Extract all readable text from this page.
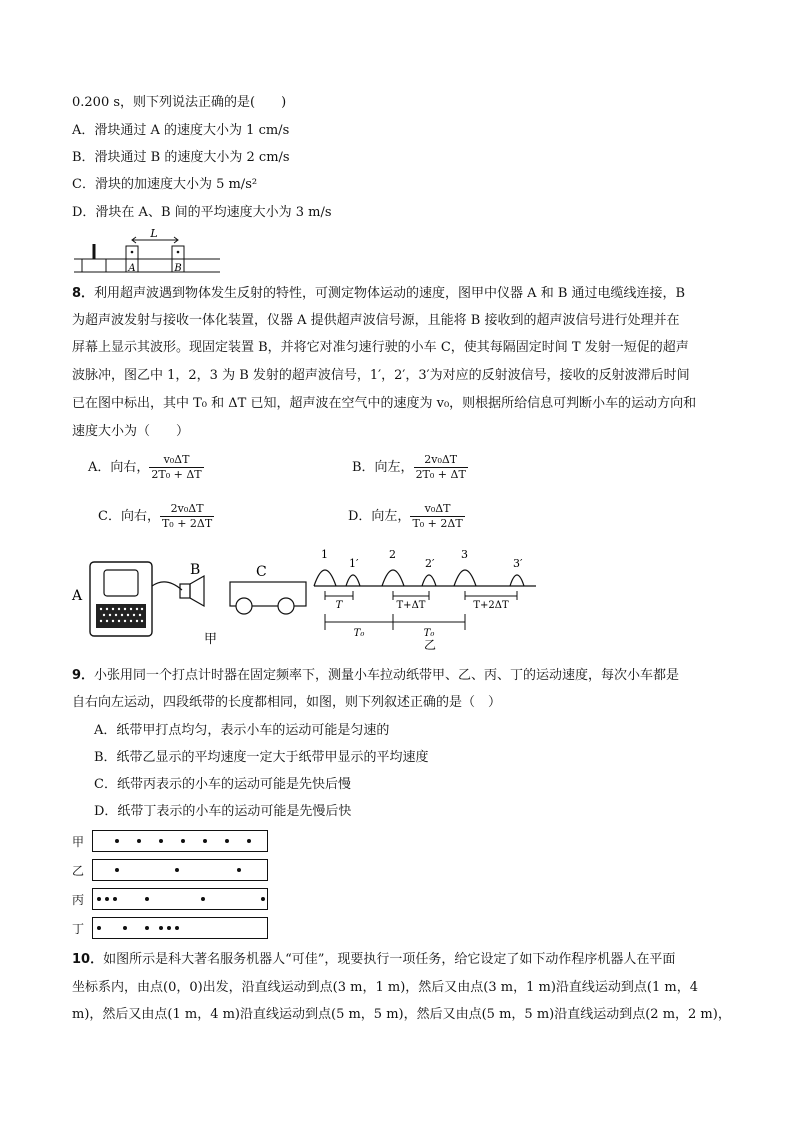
0.200 s，则下列说法正确的是(　　)
A．滑块通过 A 的速度大小为 1 cm/s
B．滑块通过 B 的速度大小为 2 cm/s
C．滑块的加速度大小为 5 m/s²
D．滑块在 A、B 间的平均速度大小为 3 m/s
L
A	B
8．利用超声波遇到物体发生反射的特性，可测定物体运动的速度，图甲中仪器 A 和 B 通过电缆线连接，B
为超声波发射与接收一体化装置，仪器 A 提供超声波信号源，且能将 B 接收到的超声波信号进行处理并在
屏幕上显示其波形。现固定装置 B，并将它对准匀速行驶的小车 C，使其每隔固定时间 T 发射一短促的超声
波脉冲，图乙中 1，2，3 为 B 发射的超声波信号，1′，2′，3′为对应的反射波信号，接收的反射波滞后时间
已在图中标出，其中 T₀ 和 ΔT 已知，超声波在空气中的速度为 v₀，则根据所给信息可判断小车的运动方向和
速度大小为（　　）
A．向右， $\frac{\text{v₀ΔT}}{\text{2T₀ + ΔT}}$	B．向左， $\frac{\text{2v₀ΔT}}{\text{2T₀ + ΔT}}$
C．向右， $\frac{\text{2v₀ΔT}}{\text{T₀ + 2ΔT}}$	D．向左， $\frac{\text{v₀ΔT}}{\text{T₀ + 2ΔT}}$
A
B	C
甲
1
1′
2
2′
3
3′
T	T+ΔT	T+2ΔT
T₀	T₀
乙
9．小张用同一个打点计时器在固定频率下，测量小车拉动纸带甲、乙、丙、丁的运动速度，每次小车都是
自右向左运动，四段纸带的长度都相同，如图，则下列叙述正确的是（　）
A．纸带甲打点均匀，表示小车的运动可能是匀速的
B．纸带乙显示的平均速度一定大于纸带甲显示的平均速度
C．纸带丙表示的小车的运动可能是先快后慢
D．纸带丁表示的小车的运动可能是先慢后快
甲
乙
丙
丁
10．如图所示是科大著名服务机器人“可佳”，现要执行一项任务，给它设定了如下动作程序机器人在平面
坐标系内，由点(0，0)出发，沿直线运动到点(3 m，1 m)，然后又由点(3 m，1 m)沿直线运动到点(1 m，4
m)，然后又由点(1 m，4 m)沿直线运动到点(5 m，5 m)，然后又由点(5 m，5 m)沿直线运动到点(2 m，2 m)，
